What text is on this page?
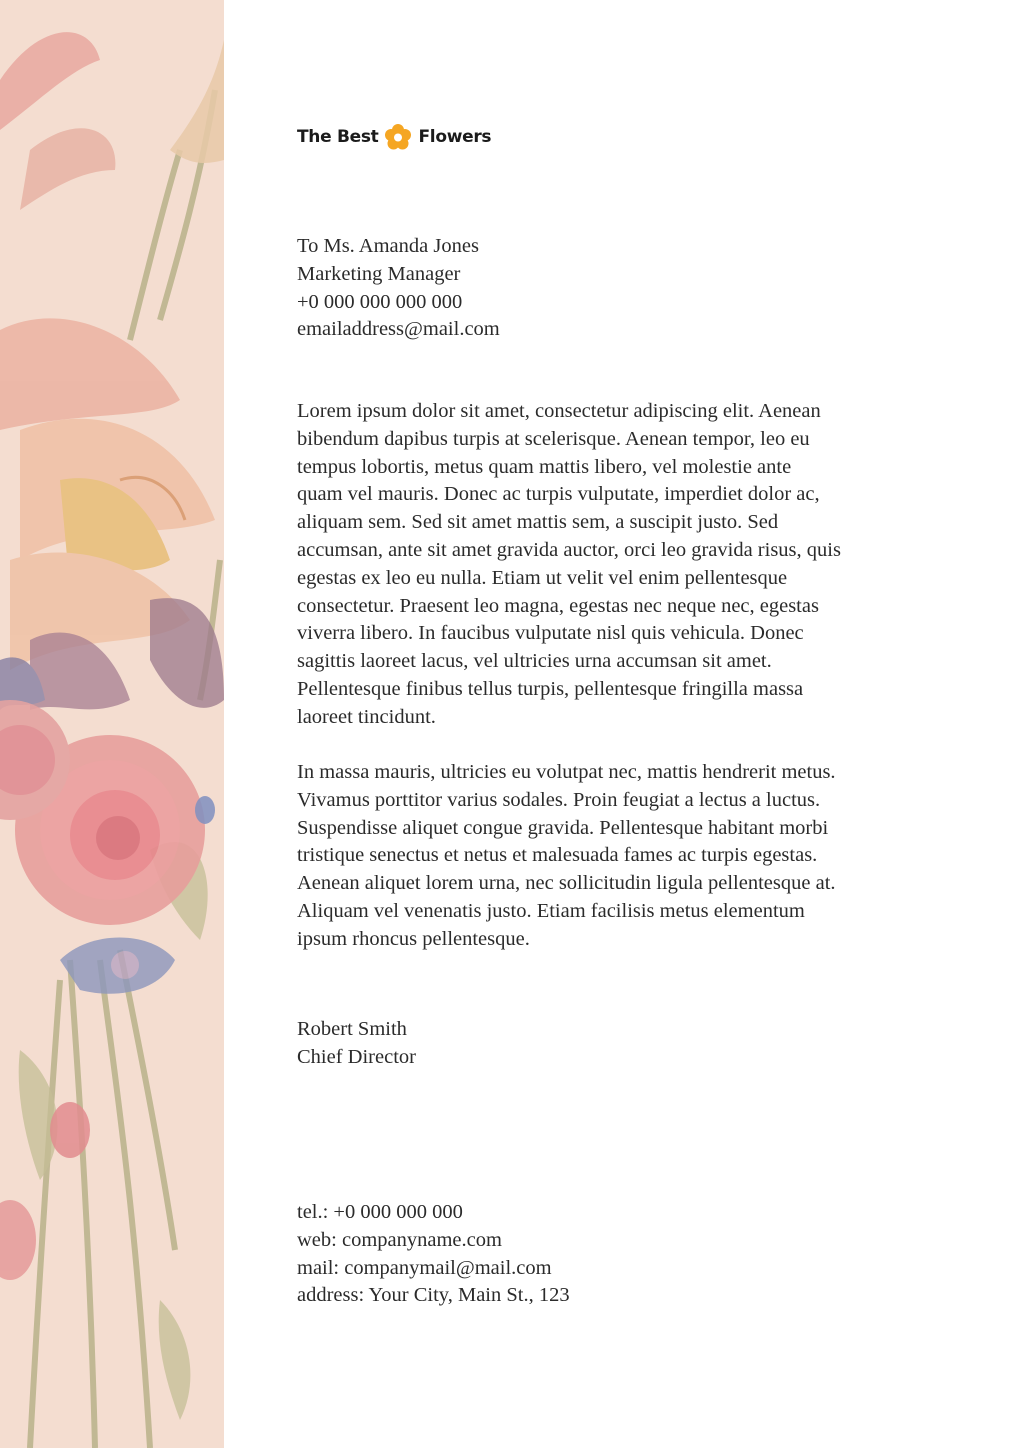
The Best Flowers
To Ms. Amanda Jones
Marketing Manager
+0 000 000 000 000
emailaddress@mail.com
Lorem ipsum dolor sit amet, consectetur adipiscing elit. Aenean
bibendum dapibus turpis at scelerisque. Aenean tempor, leo eu
tempus lobortis, metus quam mattis libero, vel molestie ante
quam vel mauris. Donec ac turpis vulputate, imperdiet dolor ac,
aliquam sem. Sed sit amet mattis sem, a suscipit justo. Sed
accumsan, ante sit amet gravida auctor, orci leo gravida risus, quis
egestas ex leo eu nulla. Etiam ut velit vel enim pellentesque
consectetur. Praesent leo magna, egestas nec neque nec, egestas
viverra libero. In faucibus vulputate nisl quis vehicula. Donec
sagittis laoreet lacus, vel ultricies urna accumsan sit amet.
Pellentesque finibus tellus turpis, pellentesque fringilla massa
laoreet tincidunt.
In massa mauris, ultricies eu volutpat nec, mattis hendrerit metus.
Vivamus porttitor varius sodales. Proin feugiat a lectus a luctus.
Suspendisse aliquet congue gravida. Pellentesque habitant morbi
tristique senectus et netus et malesuada fames ac turpis egestas.
Aenean aliquet lorem urna, nec sollicitudin ligula pellentesque at.
Aliquam vel venenatis justo. Etiam facilisis metus elementum
ipsum rhoncus pellentesque.
Robert Smith
Chief Director
tel.: +0 000 000 000
web: companyname.com
mail: companymail@mail.com
address: Your City, Main St., 123
